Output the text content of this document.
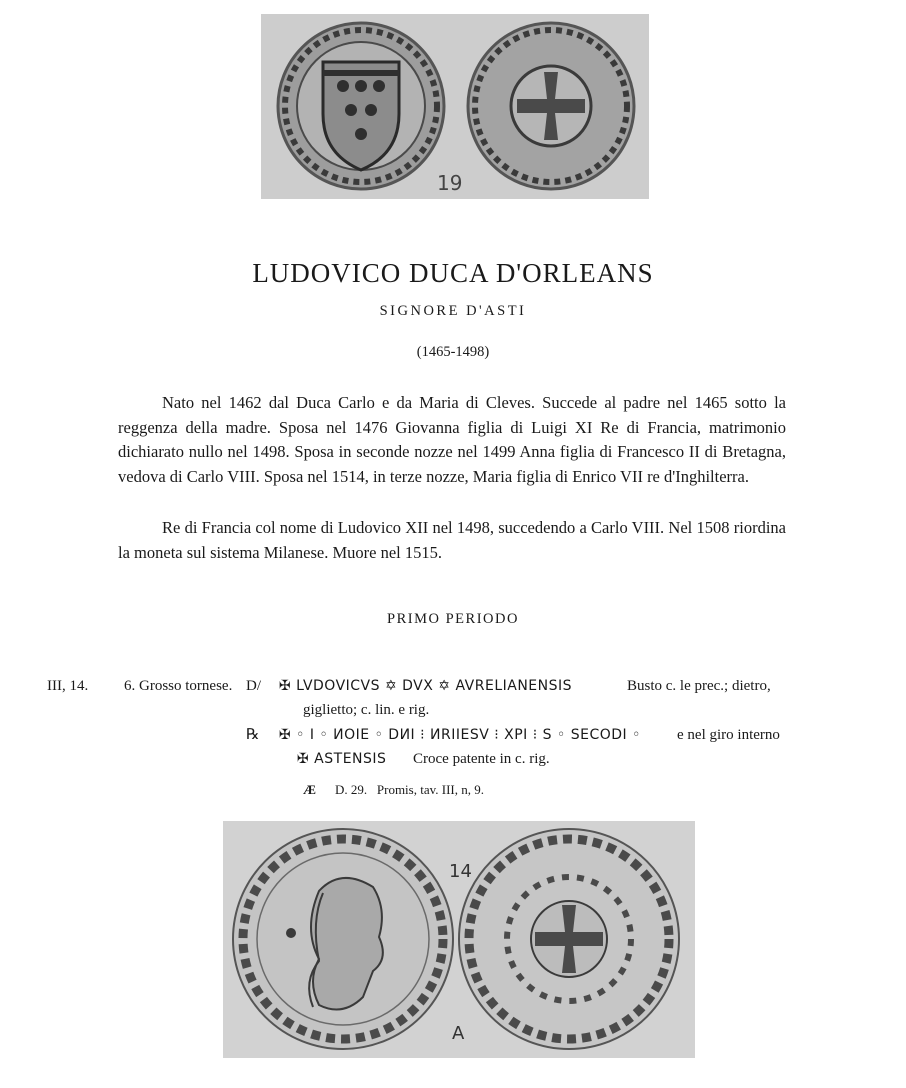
19
LUDOVICO DUCA D'ORLEANS
SIGNORE D'ASTI
(1465-1498)

Nato nel 1462 dal Duca Carlo e da Maria di Cleves. Succede al padre nel 1465 sotto la reggenza della madre. Sposa nel 1476 Giovanna figlia di Luigi XI Re di Francia, matrimonio dichiarato nullo nel 1498. Sposa in seconde nozze nel 1499 Anna figlia di Francesco II di Bretagna, vedova di Carlo VIII. Sposa nel 1514, in terze nozze, Maria figlia di Enrico VII re d'Inghilterra.

Re di Francia col nome di Ludovico XII nel 1498, succedendo a Carlo VIII. Nel 1508 riordina la moneta sul sistema Milanese. Muore nel 1515.

PRIMO PERIODO
III, 14. 6. Grosso tornese. D/ ✠ LVDOVICVS ✡ DVX ✡ AVRELIANENSIS	Busto c. le prec.; dietro,
giglietto; c. lin. e rig.
℞ ✠ ◦ I ◦ ИOIE ◦ DИI ⁝ ИRIIESV ⁝ XPI ⁝ S ◦ SECODI ◦ e nel giro interno
✠ ASTENSIS Croce patente in c. rig.
Æ D. 29.   Promis, tav. III, n, 9.
14
A
